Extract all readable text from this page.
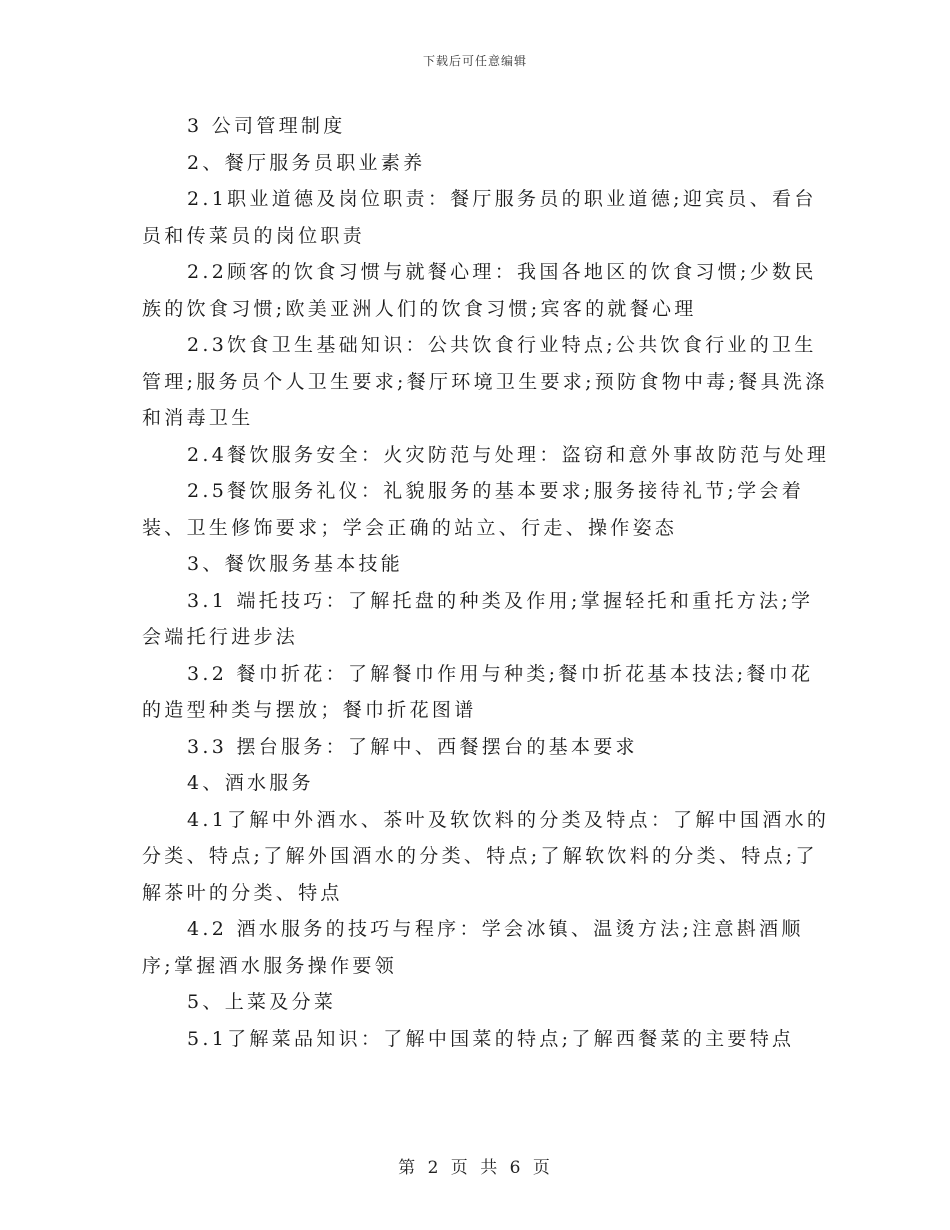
下载后可任意编辑

3 公司管理制度

2、餐厅服务员职业素养

2.1职业道德及岗位职责：餐厅服务员的职业道德;迎宾员、看台员和传菜员的岗位职责

2.2顾客的饮食习惯与就餐心理：我国各地区的饮食习惯;少数民族的饮食习惯;欧美亚洲人们的饮食习惯;宾客的就餐心理

2.3饮食卫生基础知识：公共饮食行业特点;公共饮食行业的卫生管理;服务员个人卫生要求;餐厅环境卫生要求;预防食物中毒;餐具洗涤和消毒卫生

2.4餐饮服务安全：火灾防范与处理：盗窃和意外事故防范与处理

2.5餐饮服务礼仪：礼貌服务的基本要求;服务接待礼节;学会着装、卫生修饰要求；学会正确的站立、行走、操作姿态

3、餐饮服务基本技能

3.1 端托技巧：了解托盘的种类及作用;掌握轻托和重托方法;学会端托行进步法

3.2 餐巾折花：了解餐巾作用与种类;餐巾折花基本技法;餐巾花的造型种类与摆放；餐巾折花图谱

3.3 摆台服务：了解中、西餐摆台的基本要求

4、酒水服务

4.1了解中外酒水、茶叶及软饮料的分类及特点：了解中国酒水的分类、特点;了解外国酒水的分类、特点;了解软饮料的分类、特点;了解茶叶的分类、特点

4.2 酒水服务的技巧与程序：学会冰镇、温烫方法;注意斟酒顺序;掌握酒水服务操作要领

5、上菜及分菜

5.1了解菜品知识：了解中国菜的特点;了解西餐菜的主要特点

第 2 页 共 6 页
